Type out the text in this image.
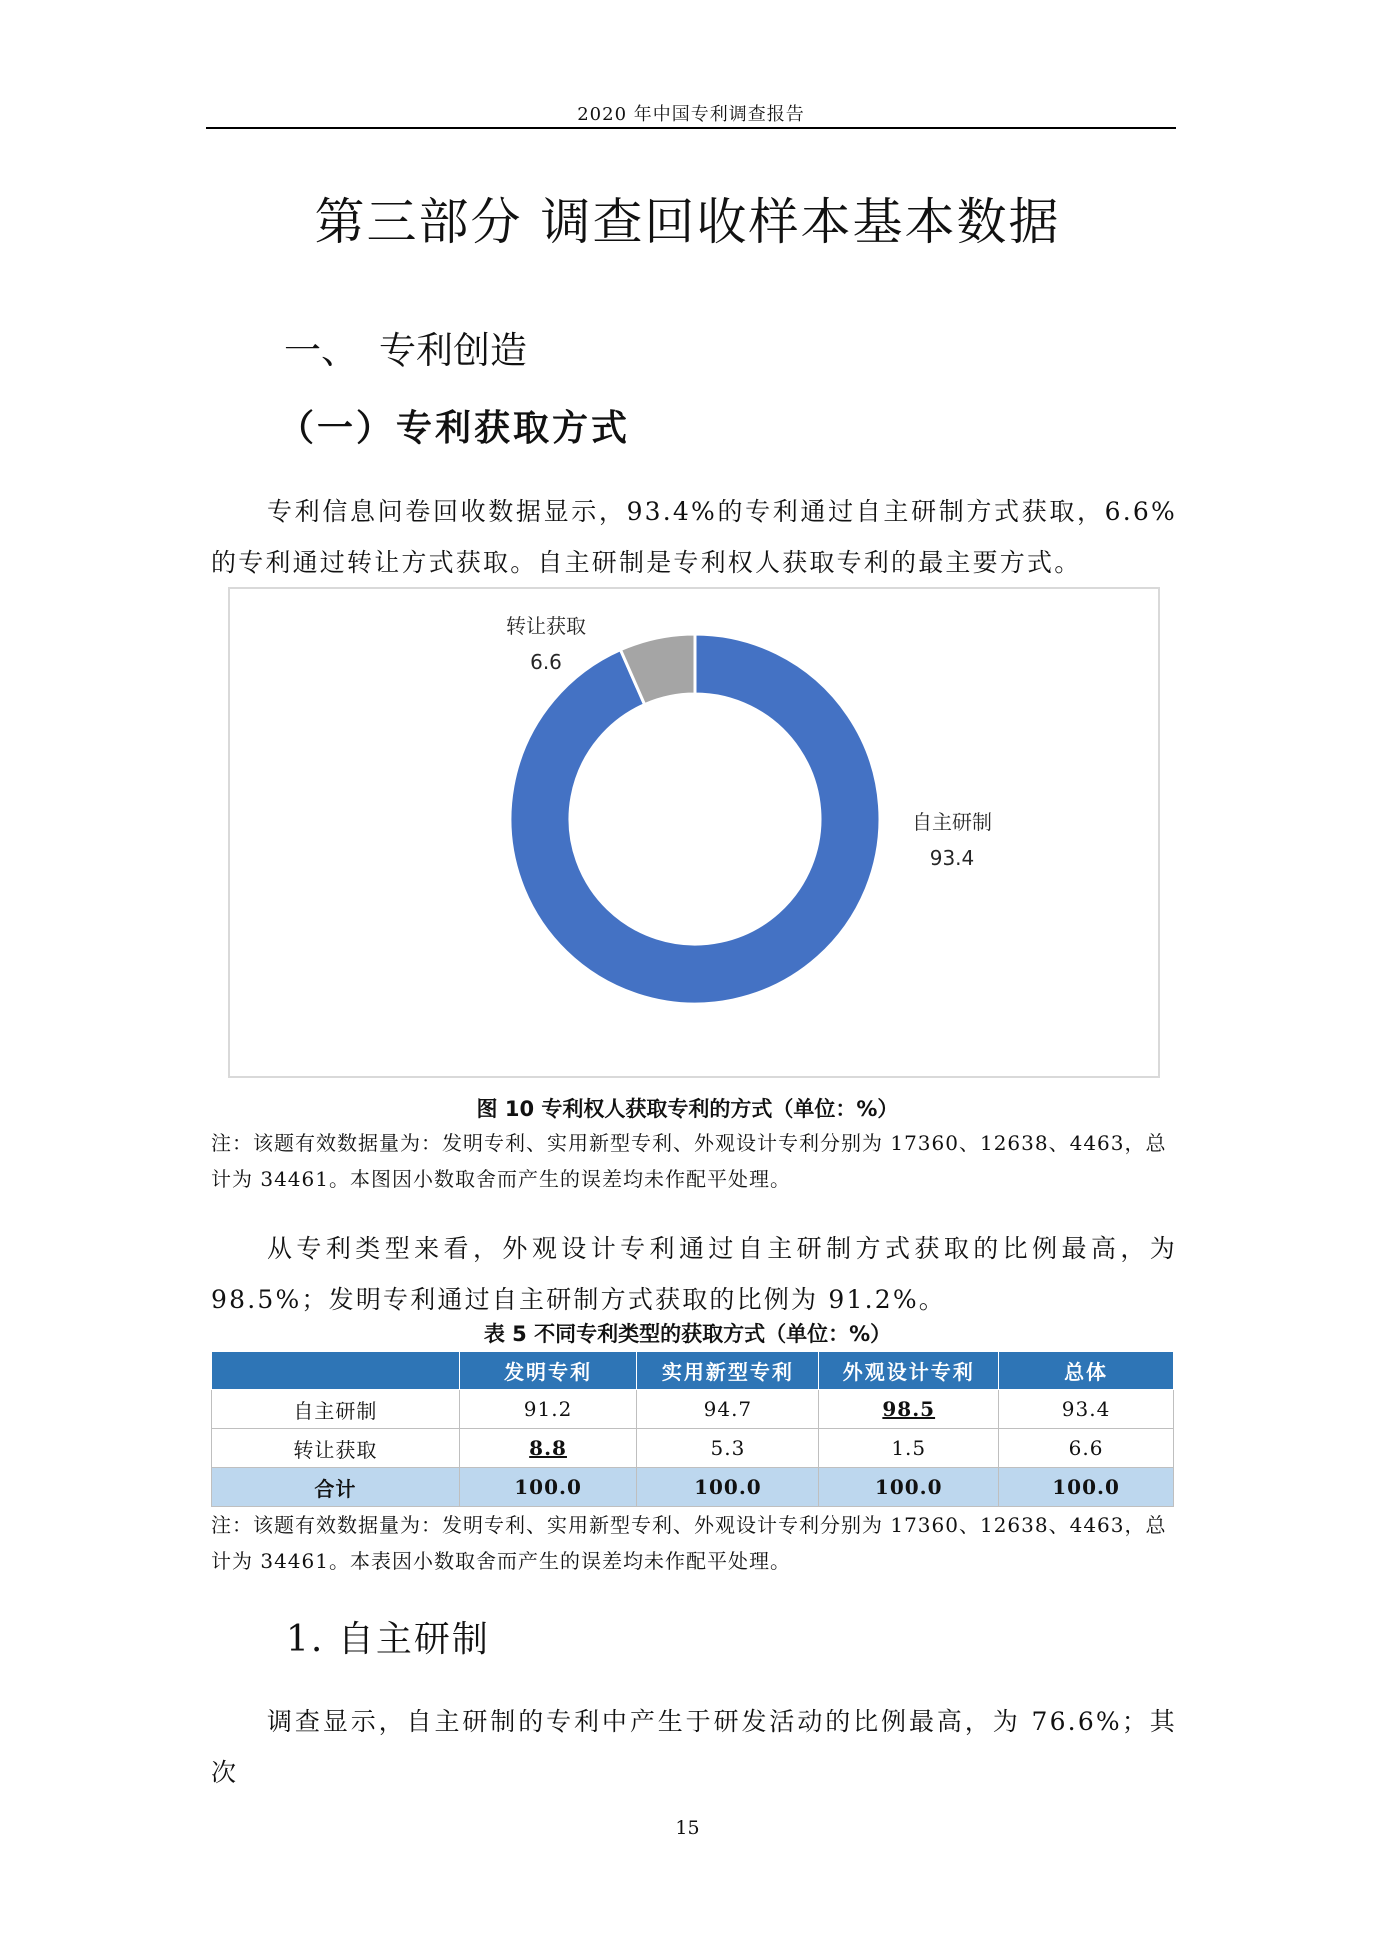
2020 年中国专利调查报告
第三部分 调查回收样本基本数据
一、 专利创造
（一）专利获取方式

专利信息问卷回收数据显示，93.4%的专利通过自主研制方式获取，6.6%的专利通过转让方式获取。自主研制是专利权人获取专利的最主要方式。

自主研制
93.4
转让获取
6.6
图 10 专利权人获取专利的方式（单位：%）

注：该题有效数据量为：发明专利、实用新型专利、外观设计专利分别为 17360、12638、4463，总计为 34461。本图因小数取舍而产生的误差均未作配平处理。

从专利类型来看，外观设计专利通过自主研制方式获取的比例最高，为 98.5%；发明专利通过自主研制方式获取的比例为 91.2%。

表 5 不同专利类型的获取方式（单位：%）
	发明专利	实用新型专利	外观设计专利	总体
自主研制	91.2	94.7	98.5	93.4
转让获取	8.8	5.3	1.5	6.6
合计	100.0	100.0	100.0	100.0

注：该题有效数据量为：发明专利、实用新型专利、外观设计专利分别为 17360、12638、4463，总计为 34461。本表因小数取舍而产生的误差均未作配平处理。

1. 自主研制

调查显示，自主研制的专利中产生于研发活动的比例最高，为 76.6%；其次

15
